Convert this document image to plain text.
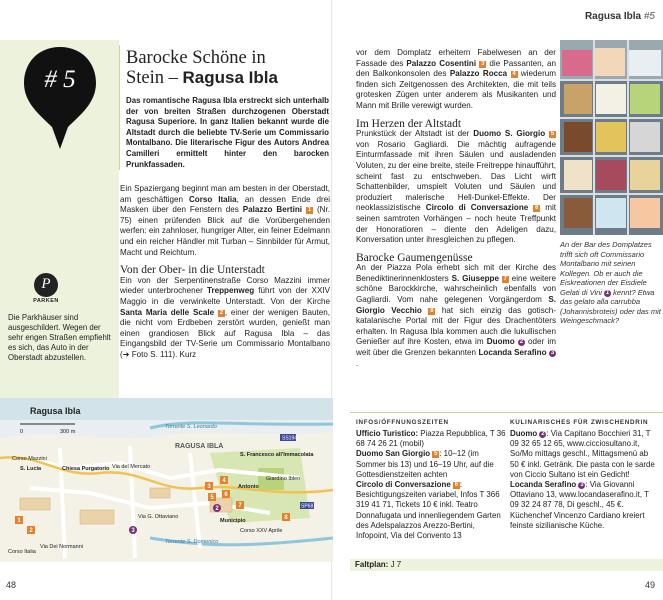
Ragusa Ibla #5
# 5
Barocke Schöne in
Stein – Ragusa Ibla
Das romantische Ragusa Ibla erstreckt sich unterhalb der von breiten Straßen durchzogenen Oberstadt Ragusa Superiore. In ganz Italien bekannt wurde die Altstadt durch die beliebte TV-Serie um Commissario Montalbano. Die literarische Figur des Autors Andrea Camilleri ermittelt hinter den barocken Prunkfassaden.
Ein Spaziergang beginnt man am besten in der Oberstadt, am geschäftigen Corso Italia, an dessen Ende drei Masken über den Fenstern des Palazzo Bertini 1 (Nr. 75) einen prüfenden Blick auf die Vorübergehenden werfen: ein zahnloser, hungriger Alter, ein feiner Edelmann und ein reicher Händler mit Turban – Sinnbilder für Armut, Macht und Reichtum.
Von der Ober- in die Unterstadt
Ein von der Serpentinenstraße Corso Mazzini immer wieder unterbrochener Treppenweg führt von der XXIV Maggio in die verwinkelte Unterstadt. Von der Kirche Santa Maria delle Scale 2 , einer der wenigen Bauten, die nicht vom Erdbeben zerstört wurden, genießt man einen grandiosen Blick auf Ragusa Ibla – das Eingangsbild der TV-Serie um Commissario Montalbano (➜ Foto S. 111). Kurz
P
PARKEN
Die Parkhäuser sind ausgeschildert. Wegen der sehr engen Straßen empfiehlt es sich, das Auto in der Oberstadt abzustellen.
vor dem Domplatz erheitern Fabelwesen an der Fassade des Palazzo Cosentini 3 die Passanten, an den Balkonkonsolen des Palazzo Rocca 4 wiederum finden sich Zeitgenossen des Architekten, die mit teils grotesken Zügen unter anderem als Musikanten und Mann mit Brille verewigt wurden.
Im Herzen der Altstadt
Prunkstück der Altstadt ist der Duomo S. Giorgio 5 von Rosario Gagliardi. Die mächtig aufragende Einturmfassade mit ihren Säulen und ausladenden Voluten, zu der eine breite, steile Freitreppe hinaufführt, scheint fast zu entschweben. Das Licht wirft Schattenbilder, umspielt Voluten und Säulen und produziert malerische Hell-Dunkel-Effekte. Der neoklassizistische Circolo di Conversazione 6 mit seinen samtroten Vorhängen – noch heute Treffpunkt der Honoratioren – diente den Adeligen dazu, Konversation unter ihresgleichen zu pflegen.
Barocke Gaumengenüsse
An der Piazza Pola erhebt sich mit der Kirche des Benediktinerinnenklosters S. Giuseppe 7 eine weitere schöne Barockkirche, wahrscheinlich ebenfalls von Gagliardi. Vom nahe gelegenen Vorgängerdom S. Giorgio Vecchio 8 hat sich einzig das gotisch-katalanische Portal mit der Figur des Drachentöters erhalten. In Ragusa Ibla kommen auch die lukullischen Genießer auf ihre Kosten, etwa im Duomo 2 oder im weit über die Grenzen bekannten Locanda Serafino 3.
An der Bar des Domplatzes trifft sich oft Commissario Montalbano mit seinen Kollegen. Ob er auch die Eiskreationen der Eisdiele Gelati di Vini 1 kennt? Etwa das gelato alla carrubba (Johannisbroteis) oder das mit Weingeschmack?
INFOS/ÖFFNUNGSZEITEN
Ufficio Turistico: Piazza Repubblica, T 36 68 74 26 21 (mobil)
Duomo San Giorgio 5 : 10–12 (im Sommer bis 13) und 16–19 Uhr, auf die Gottesdienstzeiten achten
Circolo di Conversazione 6 : Besichtigungszeiten variabel, Infos T 366 319 41 71, Tickets 10 € inkl. Teatro Donnafugata und innenliegendem Garten des Adelspalazzos Arezzo-Bertini, Infopoint, Via del Convento 13
KULINARISCHES FÜR ZWISCHENDRIN
Duomo 2 : Via Capitano Bocchieri 31, T 09 32 65 12 65, www.cicciosultano.it, So/Mo mittags geschl., Mittagsmenü ab 50 € inkl. Getränk. Die pasta con le sarde von Ciccio Sultano ist ein Gedicht!
Locanda Serafino 3 : Via Giovanni Ottaviano 13, www.locandaserafino.it, T 09 32 24 87 78, Di geschl., 45 €. Küchenchef Vincenzo Cardiano kreiert feinste sizilianische Küche.
Faltplan: J 7
48	49
1
2
3
4
5 6
7
8
2
3
Ragusa Ibla
0	300 m
RAGUSA IBLA
Torrente S. Leonardo
Torrente S. Domenico
Corso Mazzini
S. Lucia	Chiesa Purgatorio Via del Mercato
S. Francesco all'Immacolata
Antonio
Giardino Ibleo
Municipio
Corso Italia
Via Dei Normanni
Via G. Ottaviano
Corso XXV Aprile
SS194
SP68
